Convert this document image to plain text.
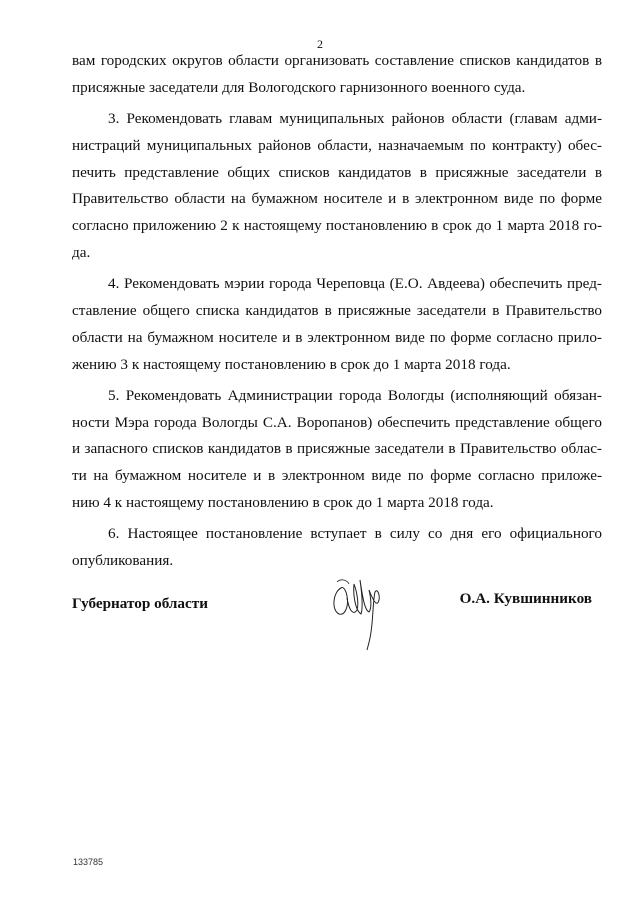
2
вам городских округов области организовать составление списков кандидатов в
присяжные заседатели для Вологодского гарнизонного военного суда.
3. Рекомендовать главам муниципальных районов области (главам адми-
нистраций муниципальных районов области, назначаемым по контракту) обес-
печить представление общих списков кандидатов в присяжные заседатели в
Правительство области на бумажном носителе и в электронном виде по форме
согласно приложению 2 к настоящему постановлению в срок до 1 марта 2018 го-
да.
4. Рекомендовать мэрии города Череповца (Е.О. Авдеева) обеспечить пред-
ставление общего списка кандидатов в присяжные заседатели в Правительство
области на бумажном носителе и в электронном виде по форме согласно прило-
жению 3 к настоящему постановлению в срок до 1 марта 2018 года.
5. Рекомендовать Администрации города Вологды (исполняющий обязан-
ности Мэра города Вологды С.А. Воропанов) обеспечить представление общего
и запасного списков кандидатов в присяжные заседатели в Правительство облас-
ти на бумажном носителе и в электронном виде по форме согласно приложе-
нию 4 к настоящему постановлению в срок до 1 марта 2018 года.
6. Настоящее постановление вступает в силу со дня его официального
опубликования.
Губернатор области	О.А. Кувшинников
133785
